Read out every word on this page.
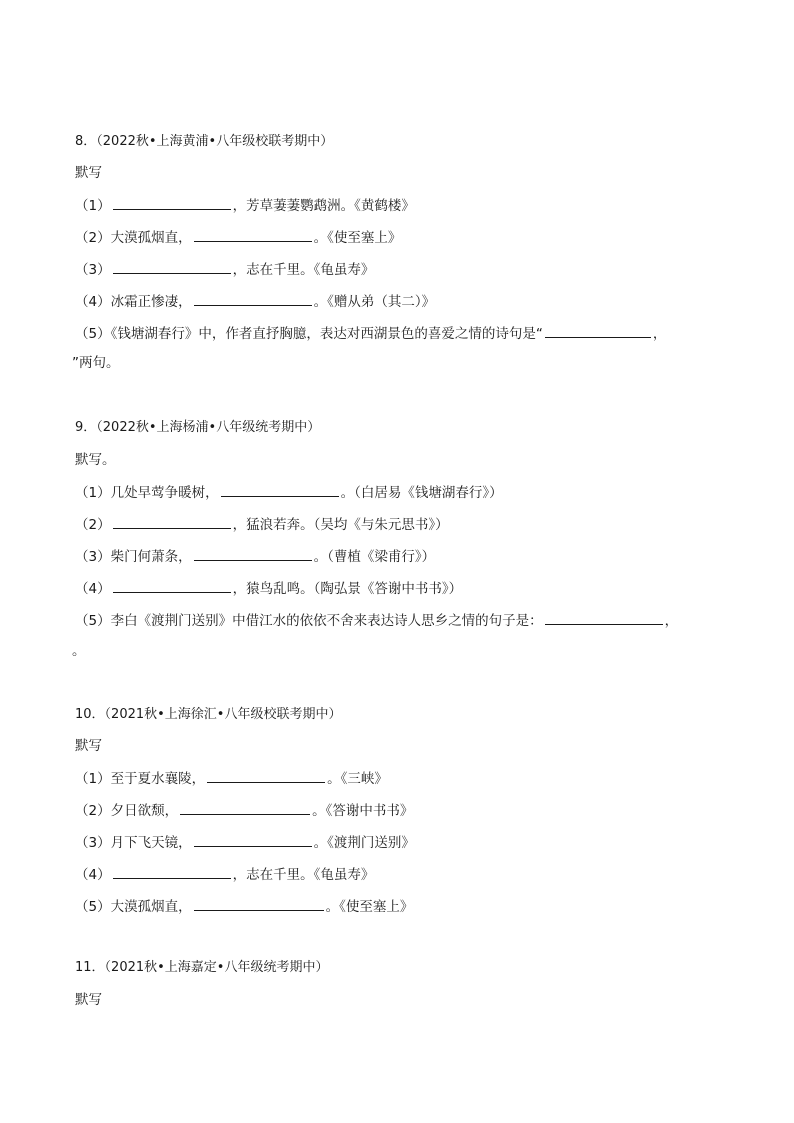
8．（2022秋•上海黄浦•八年级校联考期中）
默写
（1）	，芳草萋萋鹦鹉洲。《黄鹤楼》
（2）大漠孤烟直，	。《使至塞上》
（3）	，志在千里。《龟虽寿》
（4）冰霜正惨凄，	。《赠从弟（其二）》
（5）《钱塘湖春行》中，作者直抒胸臆，表达对西湖景色的喜爱之情的诗句是“	，
”两句。
9．（2022秋•上海杨浦•八年级统考期中）
默写。
（1）几处早莺争暖树，	。（白居易《钱塘湖春行》）
（2）	，猛浪若奔。（吴均《与朱元思书》）
（3）柴门何萧条，	。（曹植《梁甫行》）
（4）	，猿鸟乱鸣。（陶弘景《答谢中书书》）
（5）李白《渡荆门送别》中借江水的依依不舍来表达诗人思乡之情的句子是：	，
。
10．（2021秋•上海徐汇•八年级校联考期中）
默写
（1）至于夏水襄陵，	。《三峡》
（2）夕日欲颓，	。《答谢中书书》
（3）月下飞天镜，	。《渡荆门送别》
（4）	，志在千里。《龟虽寿》
（5）大漠孤烟直，	。《使至塞上》
11．（2021秋•上海嘉定•八年级统考期中）
默写
